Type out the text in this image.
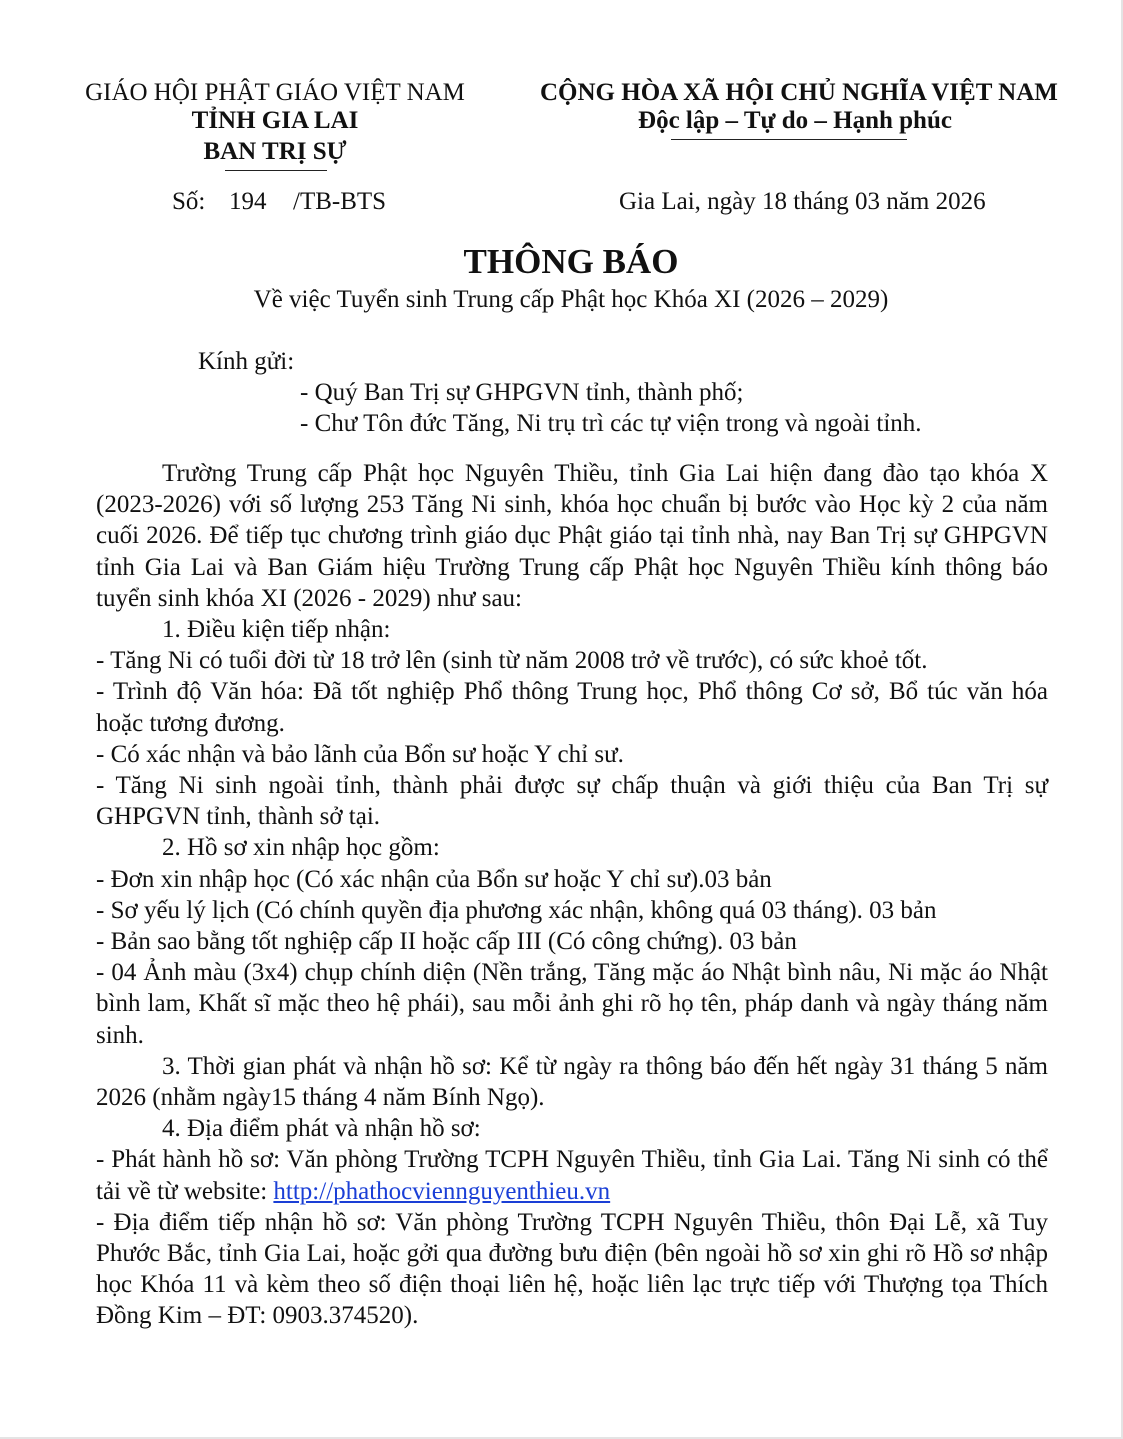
GIÁO HỘI PHẬT GIÁO VIỆT NAM
TỈNH GIA LAI
BAN TRỊ SỰ
CỘNG HÒA XÃ HỘI CHỦ NGHĨA VIỆT NAM
Độc lập – Tự do – Hạnh phúc
Số: 194 /TB-BTS	Gia Lai, ngày 18 tháng 03 năm 2026
THÔNG BÁO
Về việc Tuyển sinh Trung cấp Phật học Khóa XI (2026 – 2029)
Kính gửi:
- Quý Ban Trị sự GHPGVN tỉnh, thành phố;
- Chư Tôn đức Tăng, Ni trụ trì các tự viện trong và ngoài tỉnh.

Trường Trung cấp Phật học Nguyên Thiều, tỉnh Gia Lai hiện đang đào tạo khóa X (2023-2026) với số lượng 253 Tăng Ni sinh, khóa học chuẩn bị bước vào Học kỳ 2 của năm cuối 2026. Để tiếp tục chương trình giáo dục Phật giáo tại tỉnh nhà, nay Ban Trị sự GHPGVN tỉnh Gia Lai và Ban Giám hiệu Trường Trung cấp Phật học Nguyên Thiều kính thông báo tuyển sinh khóa XI (2026 - 2029) như sau:

1. Điều kiện tiếp nhận:

- Tăng Ni có tuổi đời từ 18 trở lên (sinh từ năm 2008 trở về trước), có sức khoẻ tốt.

- Trình độ Văn hóa: Đã tốt nghiệp Phổ thông Trung học, Phổ thông Cơ sở, Bổ túc văn hóa hoặc tương đương.

- Có xác nhận và bảo lãnh của Bổn sư hoặc Y chỉ sư.

- Tăng Ni sinh ngoài tỉnh, thành phải được sự chấp thuận và giới thiệu của Ban Trị sự GHPGVN tỉnh, thành sở tại.

2. Hồ sơ xin nhập học gồm:

- Đơn xin nhập học (Có xác nhận của Bổn sư hoặc Y chỉ sư).03 bản

- Sơ yếu lý lịch (Có chính quyền địa phương xác nhận, không quá 03 tháng). 03 bản

- Bản sao bằng tốt nghiệp cấp II hoặc cấp III (Có công chứng). 03 bản

- 04 Ảnh màu (3x4) chụp chính diện (Nền trắng, Tăng mặc áo Nhật bình nâu, Ni mặc áo Nhật bình lam, Khất sĩ mặc theo hệ phái), sau mỗi ảnh ghi rõ họ tên, pháp danh và ngày tháng năm sinh.

3. Thời gian phát và nhận hồ sơ: Kể từ ngày ra thông báo đến hết ngày 31 tháng 5 năm 2026 (nhằm ngày15 tháng 4 năm Bính Ngọ).

4. Địa điểm phát và nhận hồ sơ:

- Phát hành hồ sơ: Văn phòng Trường TCPH Nguyên Thiều, tỉnh Gia Lai. Tăng Ni sinh có thể tải về từ website: http://phathocviennguyenthieu.vn

- Địa điểm tiếp nhận hồ sơ: Văn phòng Trường TCPH Nguyên Thiều, thôn Đại Lễ, xã Tuy Phước Bắc, tỉnh Gia Lai, hoặc gởi qua đường bưu điện (bên ngoài hồ sơ xin ghi rõ Hồ sơ nhập học Khóa 11 và kèm theo số điện thoại liên hệ, hoặc liên lạc trực tiếp với Thượng tọa Thích Đồng Kim – ĐT: 0903.374520).
